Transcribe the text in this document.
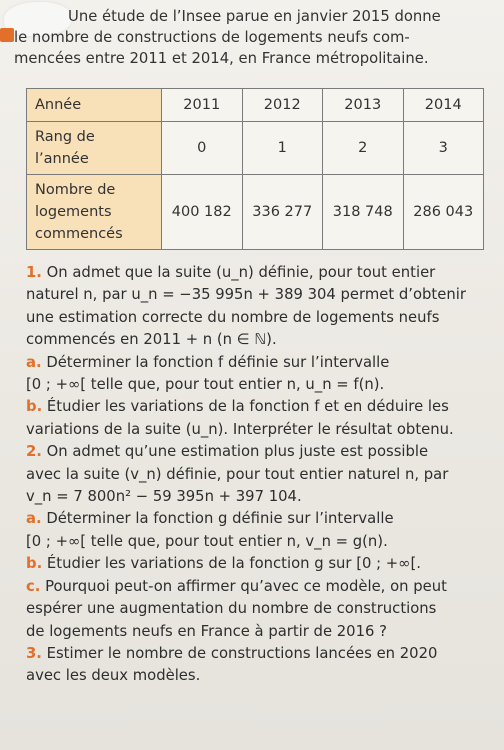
Une étude de l’Insee parue en janvier 2015 donne
le nombre de constructions de logements neufs com-
mencées entre 2011 et 2014, en France métropolitaine.
Année	2011	2012	2013	2014
Rang de
l’année	0	1	2	3
Nombre de
logements
commencés	400 182	336 277	318 748	286 043
1. On admet que la suite (u_n) définie, pour tout entier
naturel n, par u_n = −35 995n + 389 304 permet d’obtenir
une estimation correcte du nombre de logements neufs
commencés en 2011 + n (n ∈ ℕ).
a. Déterminer la fonction f définie sur l’intervalle
[0 ; +∞[ telle que, pour tout entier n, u_n = f(n).
b. Étudier les variations de la fonction f et en déduire les
variations de la suite (u_n). Interpréter le résultat obtenu.
2. On admet qu’une estimation plus juste est possible
avec la suite (v_n) définie, pour tout entier naturel n, par
v_n = 7 800n² − 59 395n + 397 104.
a. Déterminer la fonction g définie sur l’intervalle
[0 ; +∞[ telle que, pour tout entier n, v_n = g(n).
b. Étudier les variations de la fonction g sur [0 ; +∞[.
c. Pourquoi peut-on affirmer qu’avec ce modèle, on peut
espérer une augmentation du nombre de constructions
de logements neufs en France à partir de 2016 ?
3. Estimer le nombre de constructions lancées en 2020
avec les deux modèles.
